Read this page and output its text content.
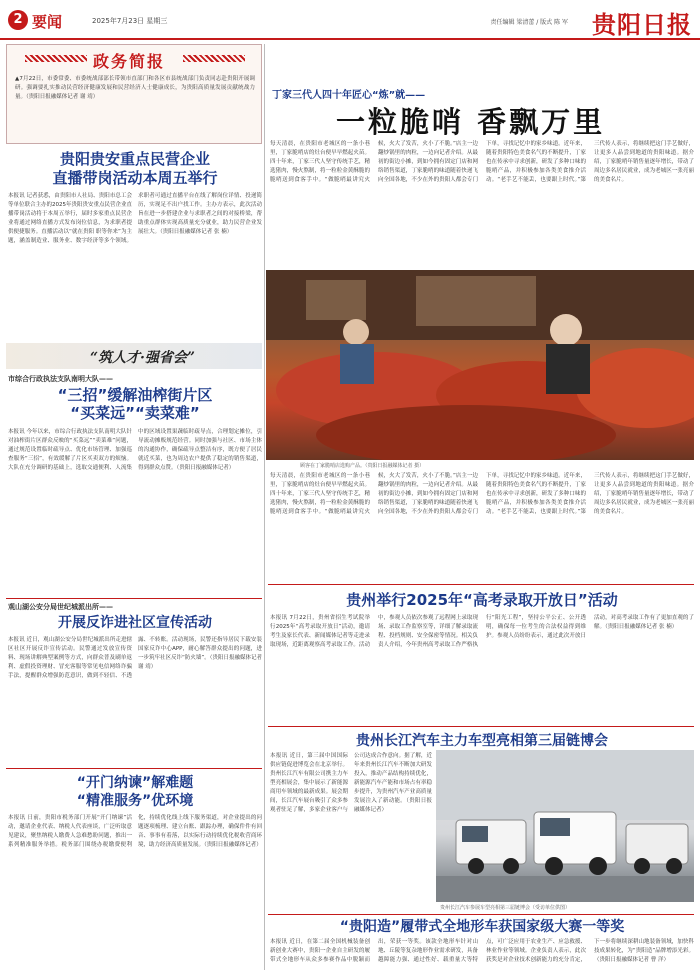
2 要闻	2025年7月23日 星期三	责任编辑 梁清蕾 / 版式 陈 军 贵阳日报
政务简报
▲7月22日，市委常委、市委统战部部长带领市直部门和各区市县统战部门负责同志赴贵阳开展调研。强调要扎实推动民营经济健康发展和民营经济人士健康成长，为贵阳高质量发展贡献统战力量。（贵阳日报融媒体记者 谢 靖）
贵阳贵安重点民营企业
直播带岗活动本周五举行
本报讯 记者获悉，由贵阳市人社局、贵阳市总工会等单位联合主办的2025年贵阳贵安重点民营企业直播带岗活动将于本周五举行，届时多家重点民营企业将通过网络直播方式发布岗位信息，为求职者提供便捷服务。直播活动以“就在贵阳 职等你来”为主题，涵盖制造业、服务业、数字经济等多个领域。求职者可通过直播平台在线了解岗位详情、投递简历，实现足不出户找工作。主办方表示，此次活动旨在进一步搭建企业与求职者之间的对接桥梁，帮助重点群体实现高质量充分就业，助力民营企业发展壮大。（贵阳日报融媒体记者 张 楠）
“筑人才·强省会”
市综合行政执法支队南明大队——
“三招”缓解油榨街片区
“买菜远”“卖菜难”
本报讯 今年以来，市综合行政执法支队南明大队针对油榨街片区群众反映的“买菜远”“卖菜难”问题，通过规范设置临时疏导点、优化市场管理、加强巡查服务“三招”，有效缓解了片区买卖双方的烦恼。大队在充分调研的基础上，选取交通便利、人流集中的区域设置果蔬临时疏导点，合理划定摊位，引导流动摊贩规范经营。同时加强与社区、市场主体的沟通协作，确保疏导点整洁有序，既方便了居民就近买菜，也为周边农户提供了稳定的销售渠道，得到群众点赞。（贵阳日报融媒体记者）
观山湖公安分局世纪城派出所——
开展反诈进社区宣传活动
本报讯 近日，观山湖公安分局世纪城派出所走进辖区社区开展反诈宣传活动。民警通过发放宣传资料、现场讲解典型案例等方式，向群众普及刷单返利、虚假投资理财、冒充客服等常见电信网络诈骗手法，提醒群众增强防范意识，做到不轻信、不透露、不转账。活动现场，民警还指导居民下载安装国家反诈中心APP，耐心解答群众提出的问题，进一步筑牢社区反诈“防火墙”。（贵阳日报融媒体记者 谢 靖）
“开门纳谏”解难题
“精准服务”优环境
本报讯 日前，贵阳市税务部门开展“开门纳谏”活动，邀请企业代表、纳税人代表座谈，广泛听取意见建议，聚焦纳税人缴费人急难愁盼问题，推出一系列精准服务举措。税务部门围绕办税缴费便利化，持续优化线上线下服务渠道，对企业提出的问题逐项梳理、建立台账、跟踪办理，确保件件有回音、事事有着落，以实际行动持续优化税收营商环境，助力经济高质量发展。（贵阳日报融媒体记者）
丁家三代人四十年匠心“炼”就——
一粒脆哨 香飘万里
每天清晨，在贵阳市老城区的一条小巷里，丁家脆哨店的灶台便早早燃起火苗。四十年来，丁家三代人坚守传统手艺，精选猪肉，慢火熬制，将一粒粒金黄酥脆的脆哨送到食客手中。“做脆哨最讲究火候，火大了发苦，火小了不脆。”店主一边翻炒锅里的肉粒，一边向记者介绍。从最初的街边小摊，到如今拥有固定门店和网络销售渠道，丁家脆哨的味道随着快递飞向全国各地，不少在外的贵阳人都会专门下单，寻找记忆中的家乡味道。近年来，随着贵阳特色美食名气的不断提升，丁家也在传承中寻求创新，研发了多种口味的脆哨产品，并积极参加各类美食推介活动。“老手艺不能丢，也要跟上时代。”第三代传人表示，将继续把这门手艺做好，让更多人品尝到地道的贵阳味道。据介绍，丁家脆哨年销售量逐年增长，带动了周边多名居民就业，成为老城区一张亮丽的美食名片。
顾客在丁家脆哨店选购产品。（贵阳日报融媒体记者 摄）
每天清晨，在贵阳市老城区的一条小巷里，丁家脆哨店的灶台便早早燃起火苗。四十年来，丁家三代人坚守传统手艺，精选猪肉，慢火熬制，将一粒粒金黄酥脆的脆哨送到食客手中。“做脆哨最讲究火候，火大了发苦，火小了不脆。”店主一边翻炒锅里的肉粒，一边向记者介绍。从最初的街边小摊，到如今拥有固定门店和网络销售渠道，丁家脆哨的味道随着快递飞向全国各地，不少在外的贵阳人都会专门下单，寻找记忆中的家乡味道。近年来，随着贵阳特色美食名气的不断提升，丁家也在传承中寻求创新，研发了多种口味的脆哨产品，并积极参加各类美食推介活动。“老手艺不能丢，也要跟上时代。”第三代传人表示，将继续把这门手艺做好，让更多人品尝到地道的贵阳味道。据介绍，丁家脆哨年销售量逐年增长，带动了周边多名居民就业，成为老城区一张亮丽的美食名片。
贵州举行2025年“高考录取开放日”活动
本报讯 7月22日，贵州省招生考试院举行2025年“高考录取开放日”活动，邀请考生及家长代表、新闻媒体记者等走进录取现场，近距离观察高考录取工作。活动中，参观人员依次参观了远程网上录取现场、录取工作监察室等，详细了解录取流程、投档规则、安全保密等情况。相关负责人介绍，今年贵州高考录取工作严格执行“阳光工程”，坚持公平公正、公开透明，确保每一位考生的合法权益得到维护。参观人员纷纷表示，通过此次开放日活动，对高考录取工作有了更加直观的了解。（贵阳日报融媒体记者 张 楠）
贵州长江汽车主力车型亮相第三届链博会
本报讯 近日，第三届中国国际供应链促进博览会在北京举行。贵州长江汽车有限公司携主力车型亮相展会，集中展示了新能源商用车领域的最新成果。展会期间，长江汽车展台吸引了众多参观者驻足了解，多家企业客户与公司达成合作意向。据了解，近年来贵州长江汽车不断加大研发投入，推动产品结构持续优化，新能源汽车产能和市场占有率稳步提升，为贵州汽车产业高质量发展注入了新动能。（贵阳日报融媒体记者）
贵州长江汽车参展车型亮相第三届链博会（受访单位供图）
“贵阳造”履带式全地形车获国家级大赛一等奖
本报讯 近日，在第二届全国机械装备创新创业大赛中，贵阳一企业自主研发的履带式全地形车从众多参赛作品中脱颖而出，荣获一等奖。该款全地形车针对山地、丘陵等复杂地形作业需求研发，具备越障能力强、通过性好、载重量大等特点，可广泛应用于农业生产、应急救援、林业作业等领域。企业负责人表示，此次获奖是对企业技术创新能力的充分肯定，下一步将继续深耕山地装备领域，加快科技成果转化，为“贵阳造”品牌增添光彩。（贵阳日报融媒体记者 曹 洋）
